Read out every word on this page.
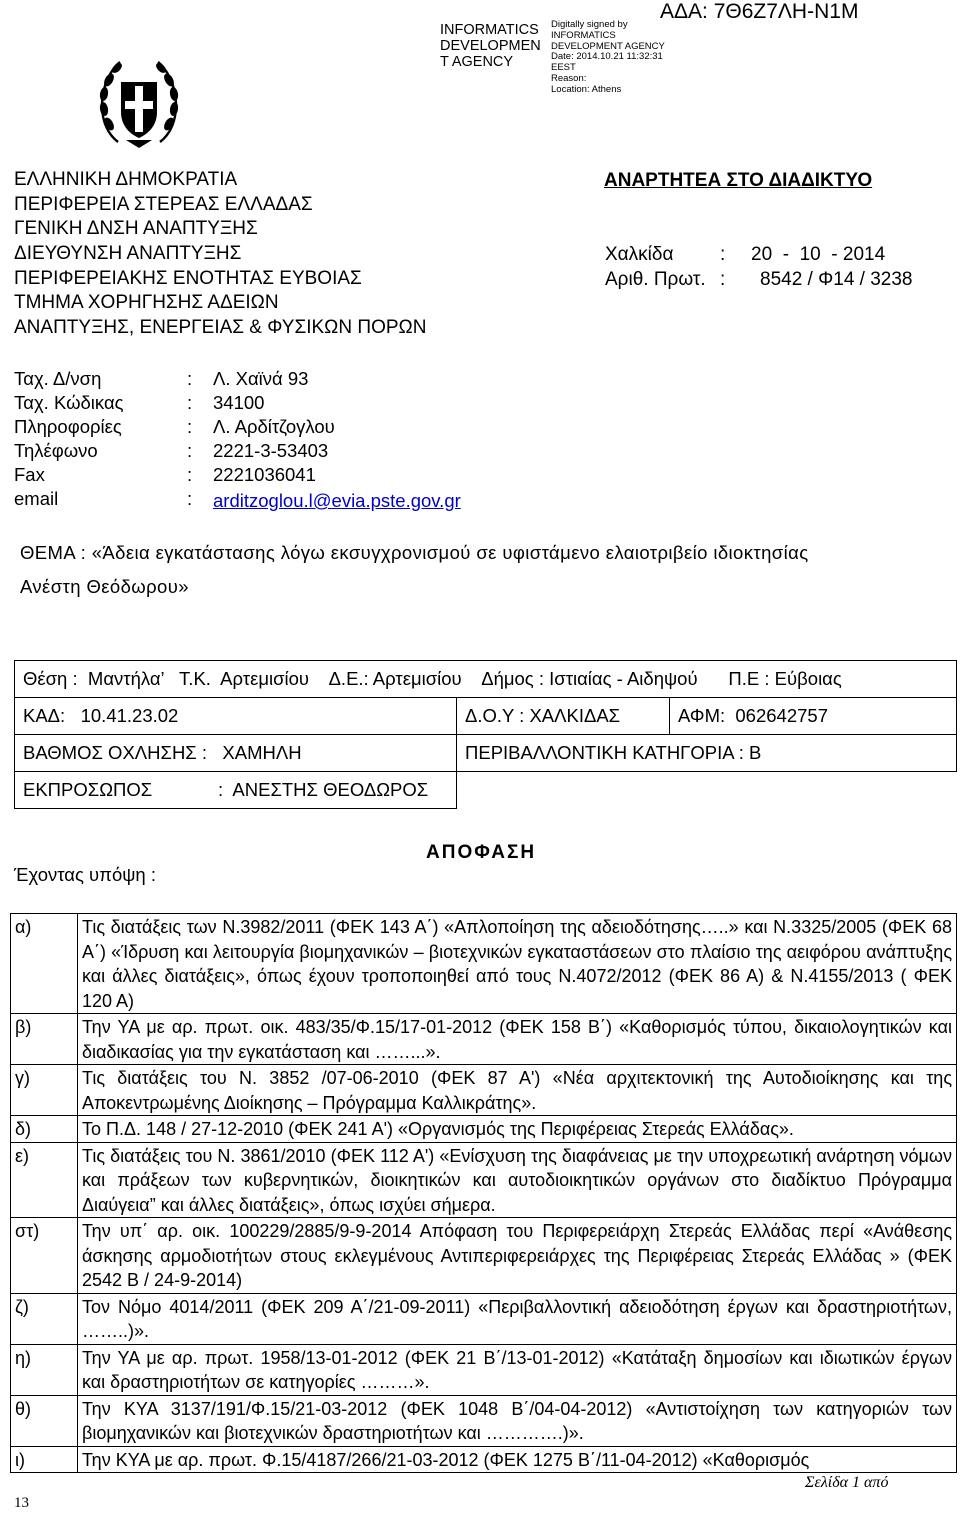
INFORMATICS
DEVELOPMEN
T AGENCY
Digitally signed by
INFORMATICS
DEVELOPMENT AGENCY
Date: 2014.10.21 11:32:31
EEST
Reason:
Location: Athens
ΑΔΑ: 7Θ6Ζ7ΛΗ-Ν1Μ
ΕΛΛΗΝΙΚΗ ΔΗΜΟΚΡΑΤΙΑ
ΠΕΡΙΦΕΡΕΙΑ ΣΤΕΡΕΑΣ ΕΛΛΑΔΑΣ
ΓΕΝΙΚΗ ΔΝΣΗ ΑΝΑΠΤΥΞΗΣ
ΔΙΕΥΘΥΝΣΗ ΑΝΑΠΤΥΞΗΣ
ΠΕΡΙΦΕΡΕΙΑΚΗΣ ΕΝΟΤΗΤΑΣ ΕΥΒΟΙΑΣ
ΤΜΗΜΑ ΧΟΡΗΓΗΣΗΣ ΑΔΕΙΩΝ
ΑΝΑΠΤΥΞΗΣ, ΕΝΕΡΓΕΙΑΣ & ΦΥΣΙΚΩΝ ΠΟΡΩΝ
ΑΝΑΡΤΗΤΕΑ ΣΤΟ ΔΙΑΔΙΚΤΥΟ
Χαλκίδα : 20  -  10  - 2014
Αριθ. Πρωτ. : 8542 / Φ14 / 3238
Ταχ. Δ/νση	: Λ. Χαϊνά 93
Ταχ. Κώδικας	: 34100
Πληροφορίες	: Λ. Αρδίτζογλου
Τηλέφωνο	: 2221-3-53403
Fax	: 2221036041
email	: arditzoglou.l@evia.pste.gov.gr
ΘΕΜΑ : «Άδεια εγκατάστασης λόγω εκσυγχρονισμού σε υφιστάμενο ελαιοτριβείο ιδιοκτησίας
Ανέστη Θεόδωρου»
Θέση :  Μαντήλα’   Τ.Κ.  Αρτεμισίου    Δ.Ε.: Αρτεμισίου    Δήμος : Ιστιαίας - Αιδηψού      Π.Ε : Εύβοιας		
ΚΑΔ:   10.41.23.02	Δ.Ο.Υ : ΧΑΛΚΙΔΑΣ	ΑΦΜ:  062642757
ΒΑΘΜΟΣ ΟΧΛΗΣΗΣ :   ΧΑΜΗΛΗ	ΠΕΡΙΒΑΛΛΟΝΤΙΚΗ ΚΑΤΗΓΟΡΙΑ : Β	
ΕΚΠΡΟΣΩΠΟΣ :  ΑΝΕΣΤΗΣ ΘΕΟΔΩΡΟΣ		

ΑΠΟΦΑΣΗ
Έχοντας υπόψη :
α)	Τις διατάξεις των Ν.3982/2011 (ΦΕΚ 143 Α΄) «Απλοποίηση της αδειοδότησης…..» και Ν.3325/2005 (ΦΕΚ 68 Α΄) «Ίδρυση και λειτουργία βιομηχανικών – βιοτεχνικών εγκαταστάσεων στο πλαίσιο της αειφόρου ανάπτυξης και άλλες διατάξεις», όπως έχουν τροποποιηθεί από τους Ν.4072/2012 (ΦΕΚ 86 Α) & Ν.4155/2013 ( ΦΕΚ 120 Α)
β)	Την ΥΑ με αρ. πρωτ. οικ. 483/35/Φ.15/17-01-2012 (ΦΕΚ 158 Β΄) «Καθορισμός τύπου, δικαιολογητικών και διαδικασίας για την εγκατάσταση και ……...».
γ)	Τις διατάξεις του Ν. 3852 /07-06-2010 (ΦΕΚ 87 Α') «Νέα αρχιτεκτονική της Αυτοδιοίκησης και της Αποκεντρωμένης Διοίκησης – Πρόγραμμα Καλλικράτης».
δ)	Το Π.Δ. 148 / 27-12-2010 (ΦΕΚ 241 Α') «Οργανισμός της Περιφέρειας Στερεάς Ελλάδας».
ε)	Τις διατάξεις του Ν. 3861/2010 (ΦΕΚ 112 Α') «Ενίσχυση της διαφάνειας με την υποχρεωτική ανάρτηση νόμων και πράξεων των κυβερνητικών, διοικητικών και αυτοδιοικητικών οργάνων στο διαδίκτυο Πρόγραμμα Διαύγεια” και άλλες διατάξεις», όπως ισχύει σήμερα.
στ)	Την υπ΄ αρ. οικ. 100229/2885/9-9-2014 Απόφαση του Περιφερειάρχη Στερεάς Ελλάδας περί «Ανάθεσης άσκησης αρμοδιοτήτων στους εκλεγμένους Αντιπεριφερειάρχες της Περιφέρειας Στερεάς Ελλάδας » (ΦΕΚ 2542 Β / 24-9-2014)
ζ)	Τον Νόμο 4014/2011 (ΦΕΚ 209 Α΄/21-09-2011) «Περιβαλλοντική αδειοδότηση έργων και δραστηριοτήτων, ……..)».
η)	Την ΥΑ με αρ. πρωτ. 1958/13-01-2012 (ΦΕΚ 21 Β΄/13-01-2012) «Κατάταξη δημοσίων και ιδιωτικών έργων και δραστηριοτήτων σε κατηγορίες ………».
θ)	Την ΚΥΑ 3137/191/Φ.15/21-03-2012 (ΦΕΚ 1048 Β΄/04-04-2012) «Αντιστοίχηση των κατηγοριών των βιομηχανικών και βιοτεχνικών δραστηριοτήτων και ………….)».
ι)	Την ΚΥΑ με αρ. πρωτ. Φ.15/4187/266/21-03-2012 (ΦΕΚ 1275 Β΄/11-04-2012) «Καθορισμός
Σελίδα 1 από
13
